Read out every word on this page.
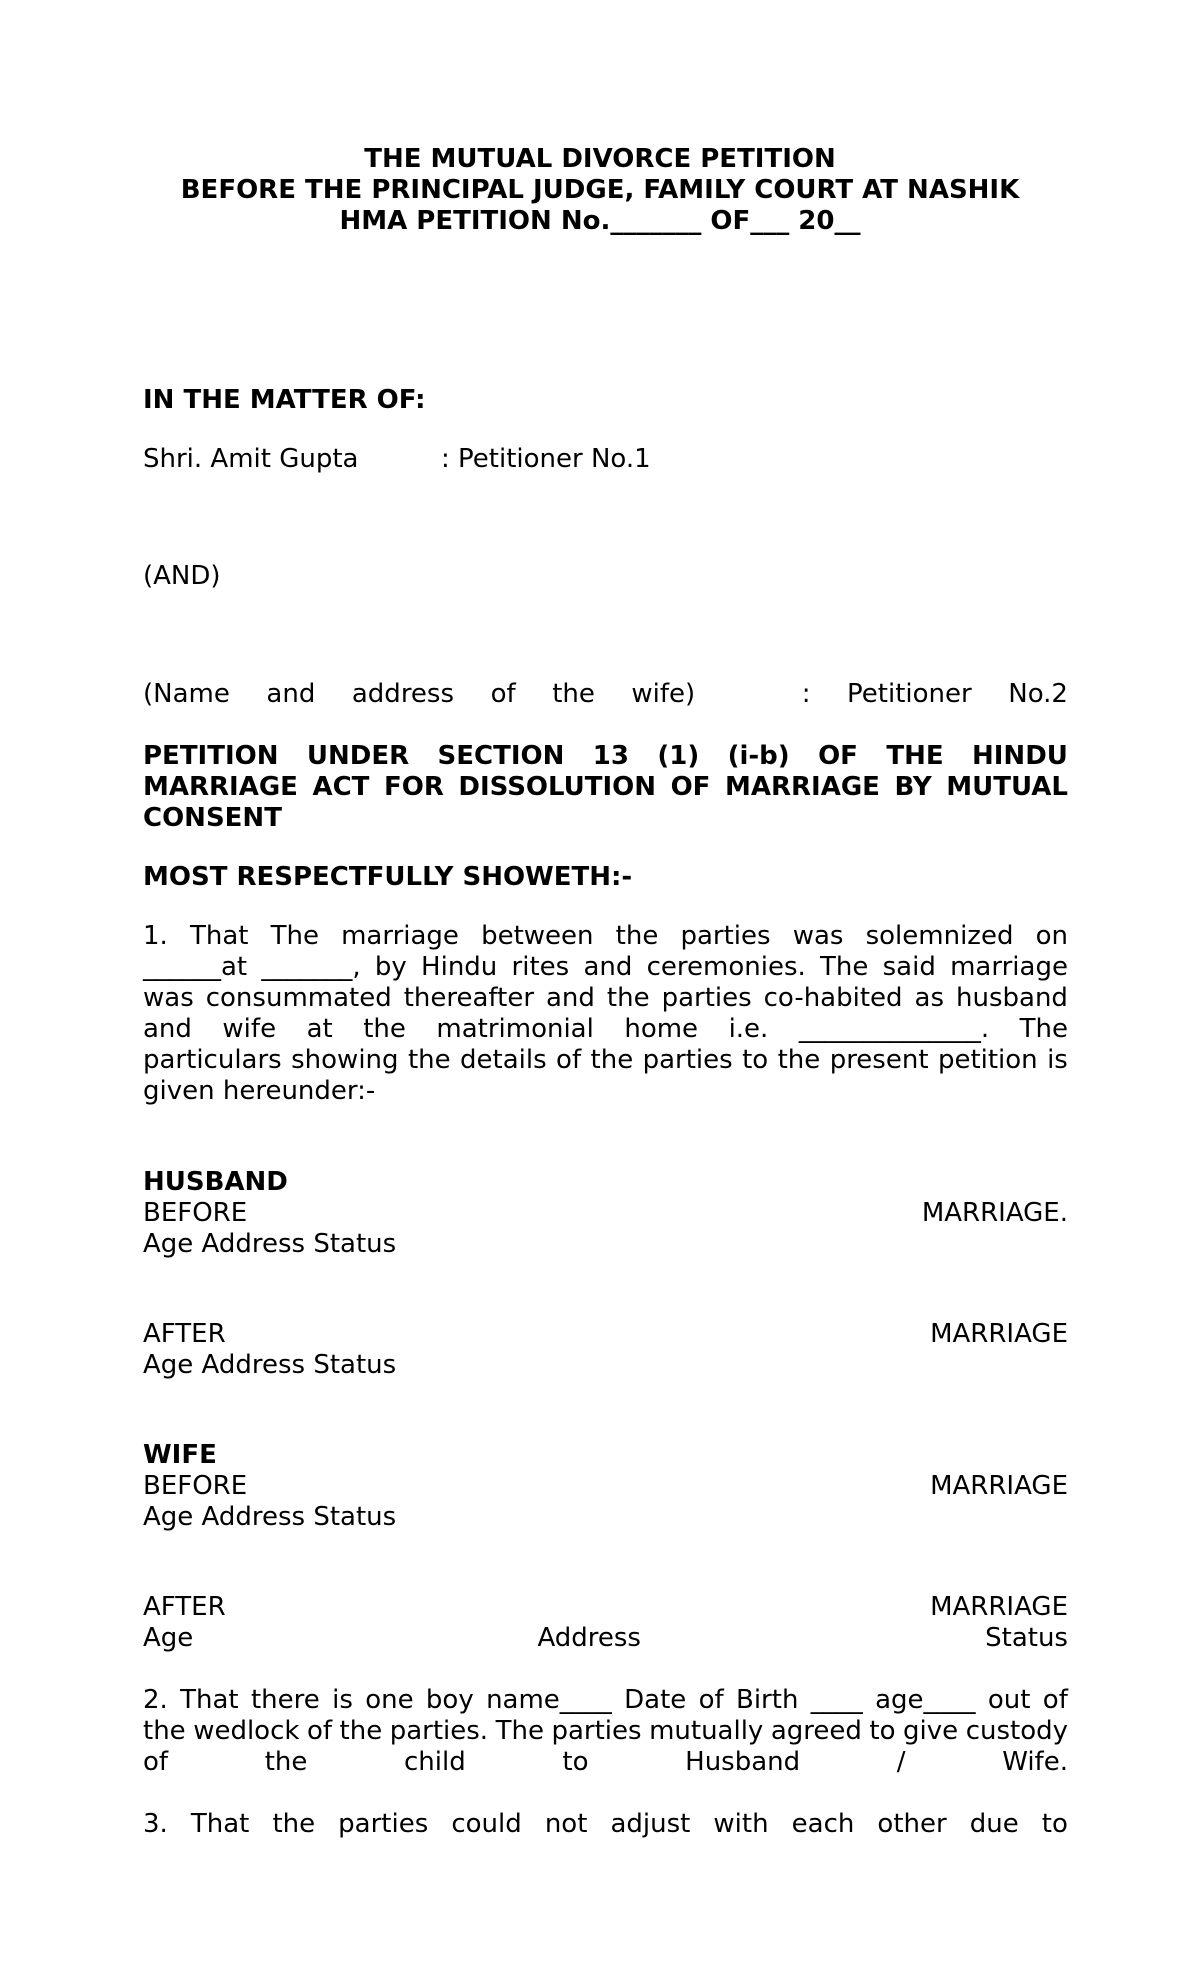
THE MUTUAL DIVORCE PETITION
BEFORE THE PRINCIPAL JUDGE, FAMILY COURT AT NASHIK
HMA PETITION No._______ OF___ 20__
IN THE MATTER OF:
Shri. Amit Gupta	: Petitioner No.1
(AND)
(Name and address of the wife)	: Petitioner No.2
PETITION UNDER SECTION 13 (1) (i-b) OF THE HINDU
MARRIAGE ACT FOR DISSOLUTION OF MARRIAGE BY MUTUAL
CONSENT
MOST RESPECTFULLY SHOWETH:-
1. That The marriage between the parties was solemnized on
______at _______, by Hindu rites and ceremonies. The said marriage
was consummated thereafter and the parties co-habited as husband
and wife at the matrimonial home i.e. ______________. The
particulars showing the details of the parties to the present petition is
given hereunder:-
HUSBAND
BEFORE	MARRIAGE.
Age Address Status
AFTER	MARRIAGE
Age Address Status
WIFE
BEFORE	MARRIAGE
Age Address Status
AFTER	MARRIAGE
Age	Address	Status
2. That there is one boy name____ Date of Birth ____ age____ out of
the wedlock of the parties. The parties mutually agreed to give custody
of	the	child	to	Husband	/	Wife.
3. That the parties could not adjust with each other due to
